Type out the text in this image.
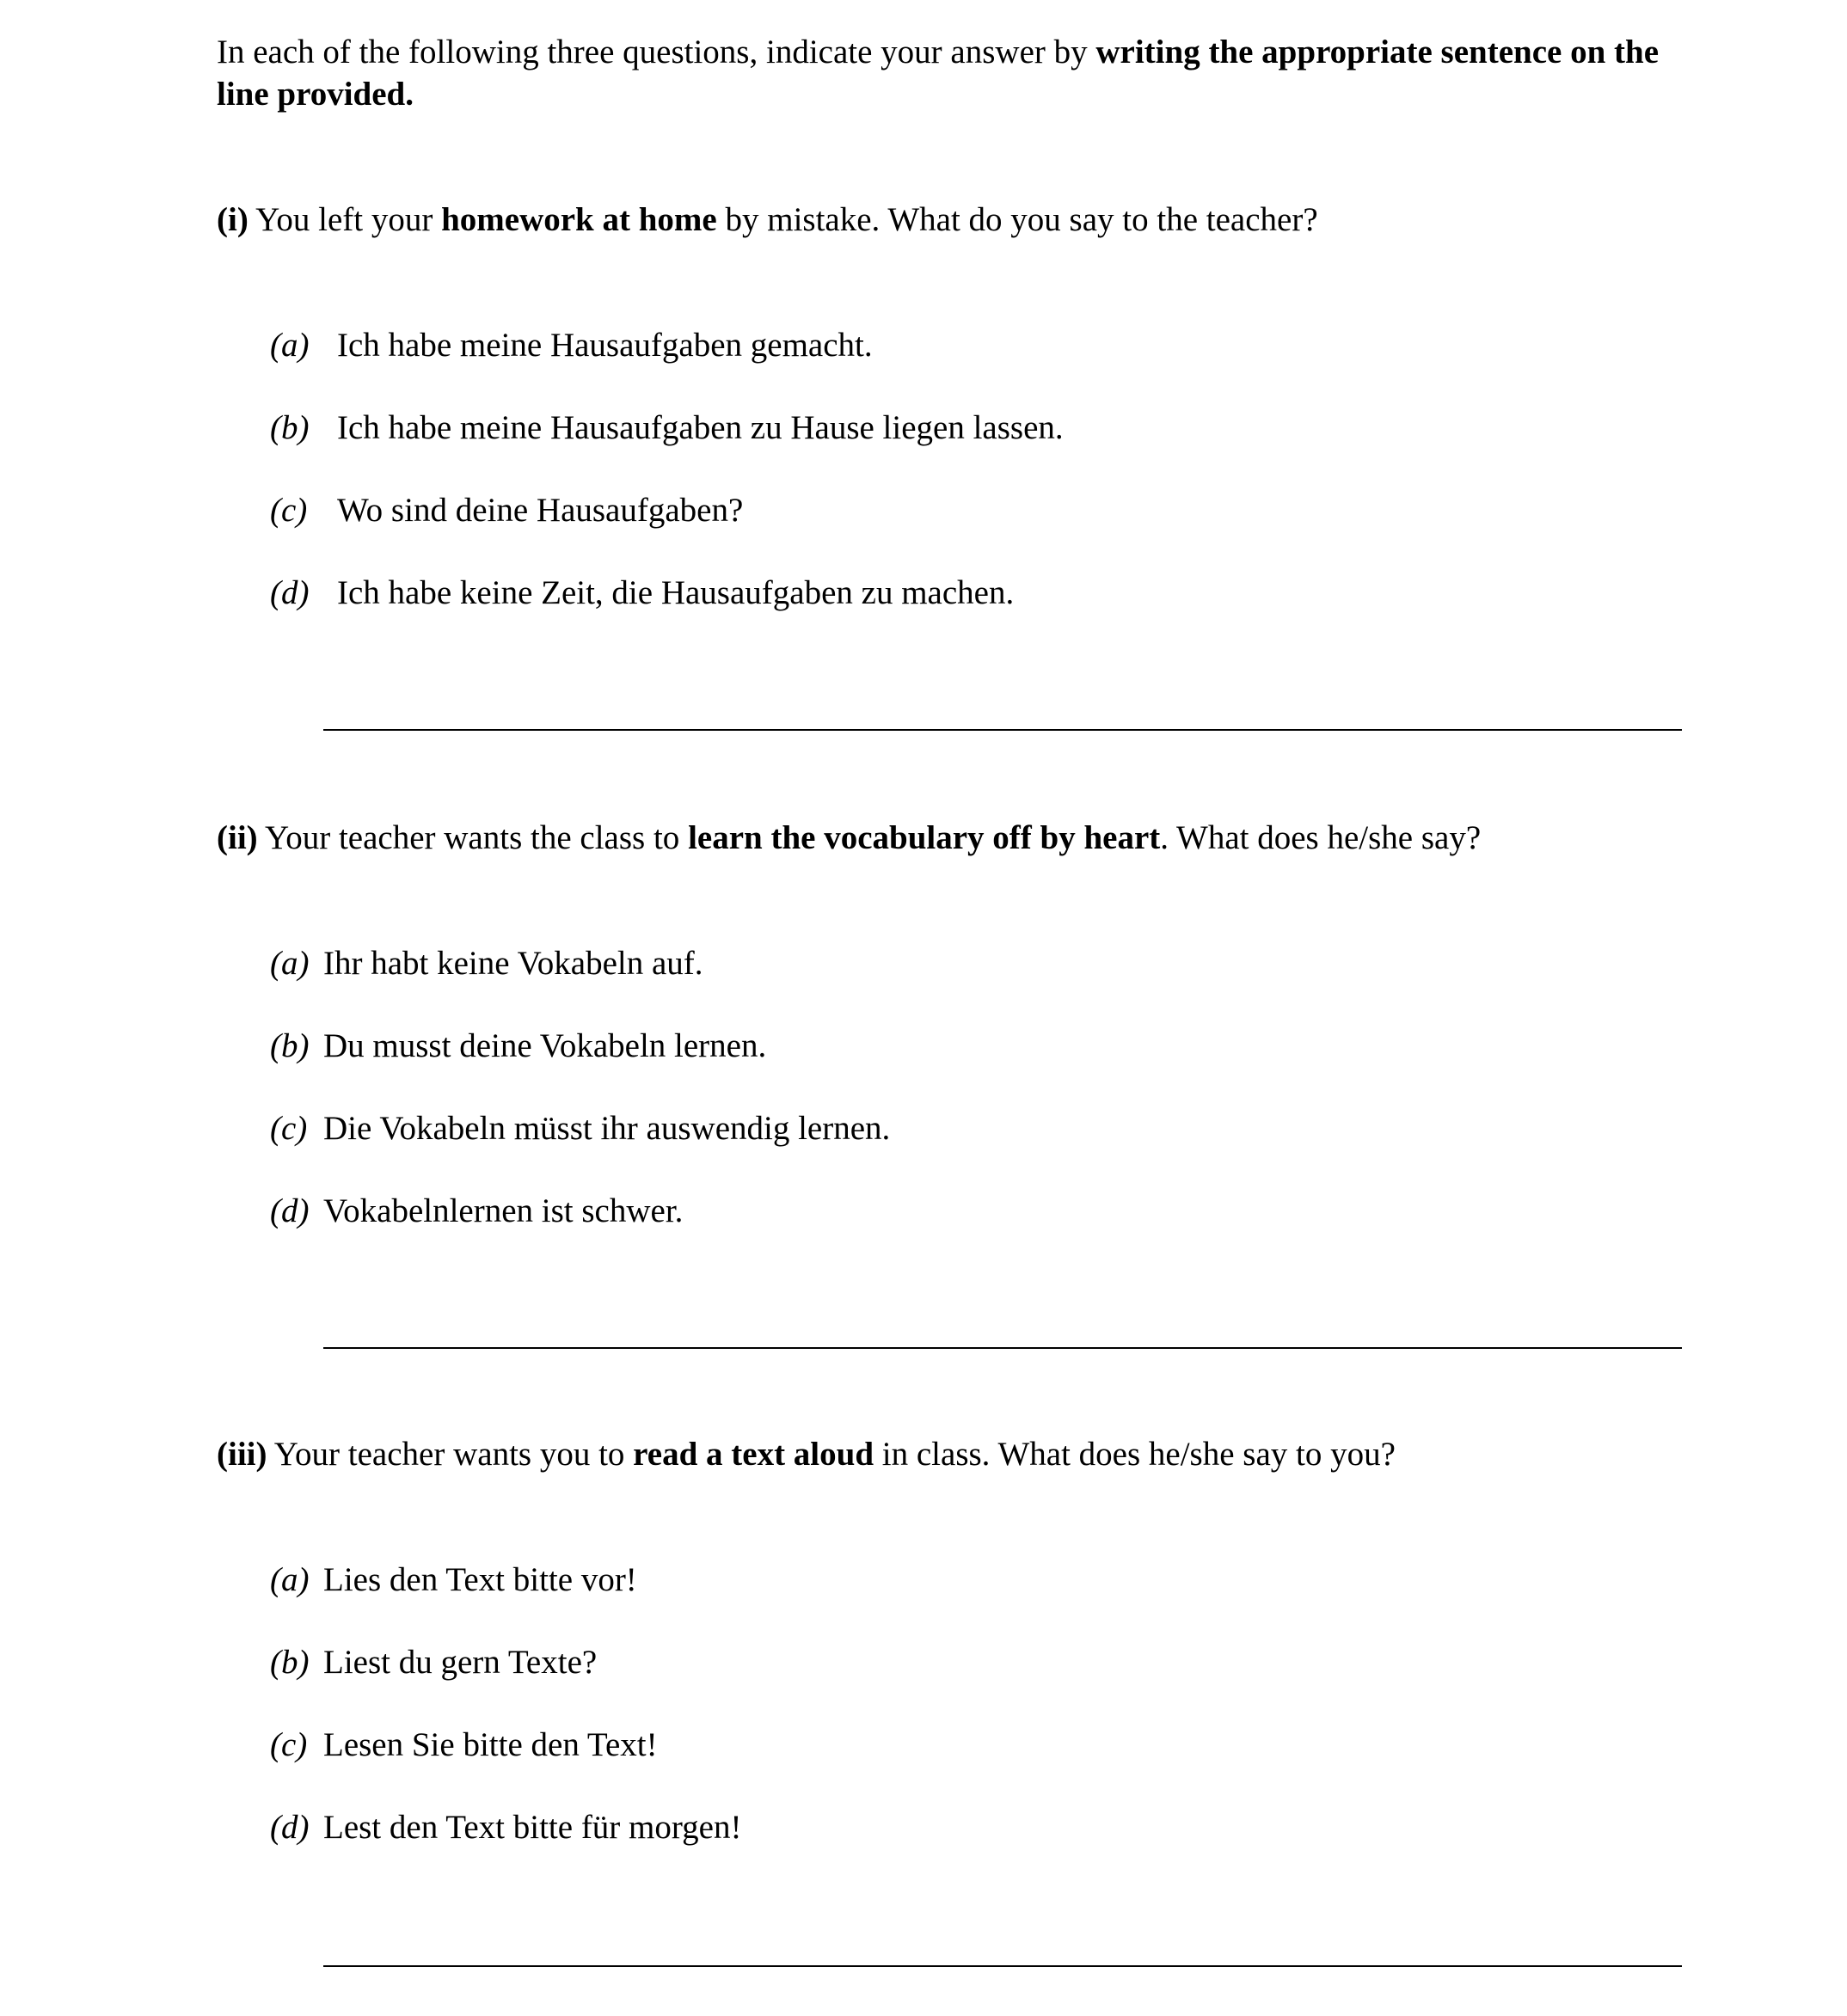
In each of the following three questions, indicate your answer by writing the appropriate sentence on the line provided.
(i) You left your homework at home by mistake. What do you say to the teacher?
(a) Ich habe meine Hausaufgaben gemacht.
(b) Ich habe meine Hausaufgaben zu Hause liegen lassen.
(c) Wo sind deine Hausaufgaben?
(d) Ich habe keine Zeit, die Hausaufgaben zu machen.
(ii) Your teacher wants the class to learn the vocabulary off by heart. What does he/she say?
(a) Ihr habt keine Vokabeln auf.
(b) Du musst deine Vokabeln lernen.
(c) Die Vokabeln müsst ihr auswendig lernen.
(d) Vokabelnlernen ist schwer.
(iii) Your teacher wants you to read a text aloud in class. What does he/she say to you?
(a) Lies den Text bitte vor!
(b) Liest du gern Texte?
(c) Lesen Sie bitte den Text!
(d) Lest den Text bitte für morgen!
